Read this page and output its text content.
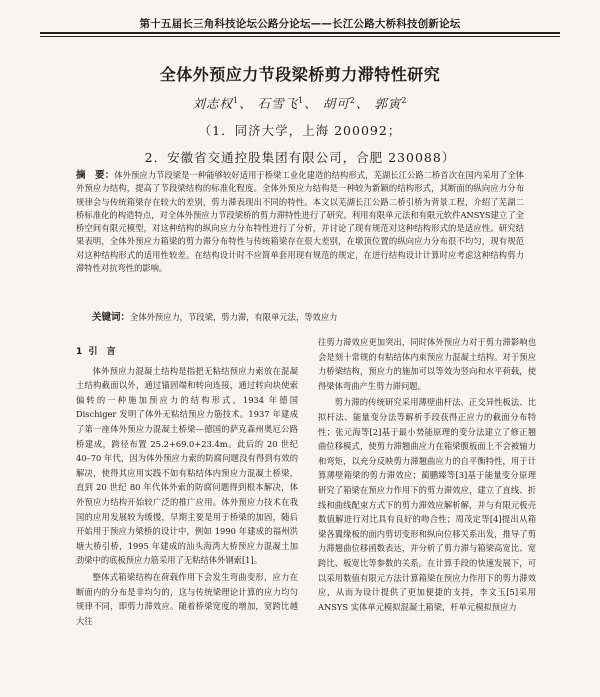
第十五届长三角科技论坛公路分论坛——长江公路大桥科技创新论坛
全体外预应力节段梁桥剪力滞特性研究
刘志权$^1$、 石雪飞$^1$、 胡可$^2$、 郭寅$^2$
（1．同济大学，上海 200092；
2．安徽省交通控股集团有限公司，合肥 230088）

摘　要：体外预应力节段梁是一种能够较好适用于桥梁工业化建造的结构形式，芜湖长江公路二桥首次在国内采用了全体外预应力结构，提高了节段梁结构的标准化程度。全体外预应力结构是一种较为新颖的结构形式，其断面的纵向应力分布规律会与传统箱梁存在较大的差别，剪力滞表现出不同的特性。本文以芜湖长江公路二桥引桥为背景工程，介绍了芜湖二桥标准化的构造特点，对全体外预应力节段梁桥的剪力滞特性进行了研究。利用有限单元法和有限元软件ANSYS建立了全桥空间有限元模型，对这种结构的纵向应力分布特性进行了分析，并讨论了现有规范对这种结构形式的是适应性。研究结果表明，全体外预应力箱梁的剪力滞分布特性与传统箱梁存在很大差别，在墩顶位置的纵向应力分布很不均匀，现有规范对这种结构形式的适用性较差。在结构设计时不应简单套用现有规范的规定，在进行结构设计计算时应考虑这种结构剪力滞特性对抗弯性的影响。

关键词：全体外预应力，节段梁，剪力滞，有限单元法，等效应力
1 引　言

体外预应力混凝土结构是指把无粘结预应力索放在混凝土结构截面以外，通过锚固端和转向连接，通过转向块使索偏转的一种施加预应力的结构形式。1934 年德国 Dischiger 发明了体外无粘结预应力筋技术。1937 年建成了第一座体外预应力混凝土桥梁—德国的萨克森州奥厄公路桥建成，跨径布置 25.2+69.0+23.4m。此后的 20 世纪 40–70 年代，因为体外预应力索的防腐问题没有得到有效的解决，使得其应用实践不如有粘结体内预应力混凝土桥梁，直到 20 世纪 80 年代体外索的防腐问题得到根本解决，体外预应力结构开始较广泛的推广应用。体外预应力技术在我国的应用发展较为缓慢，早期主要是用于桥梁的加固，随后开始用于预应力梁桥的设计中，例如 1990 年建成的福州洪塘大桥引桥，1995 年建成的汕头海湾大桥预应力混凝土加劲梁中的底板预应力筋采用了无粘结体外钢索[1]。

整体式箱梁结构在荷载作用下会发生弯曲变形，应力在断面内的分布是非均匀的，这与传统梁理论计算的应力均匀规律不同，即剪力滞效应。随着桥梁宽度的增加，宽跨比越大往

往剪力滞效应更加突出，同时体外预应力对于剪力滞影响也会是刻十常规的有粘结体内束预应力混凝土结构。对于预应力桥梁结构，预应力的施加可以等效为竖向和水平荷载，使得梁体弯曲产生剪力滞问题。

剪力滞的传统研究采用薄壁曲杆法、正交异性板法、比拟杆法、能量变分法等解析手段获得正应力的截面分布特性；张元海等[2]基于最小势能原理的变分法建立了修正翘曲位移模式，使剪力滞翘曲应力在箱梁腹板面上不会被轴力和弯矩，以充分反映剪力滞翘曲应力的自平衡特性，用于计算薄壁箱梁的剪力滞效应；蔺鹏臻等[3]基于能量变分原理研究了箱梁在预应力作用下的剪力滞效应，建立了直线、折线和曲线配束方式下的剪力滞效应解析解，并与有限元板壳数值解进行对比具有良好的吻合性；周茂定等[4]提出从箱梁各翼缘板的面内剪切变形和纵向位移关系出发，推导了剪力滞翘曲位移函数表达，并分析了剪力滞与箱梁高宽比、宽跨比、板宽比等参数的关系。在计算手段的快速发展下，可以采用数值有限元方法计算箱梁在预应力作用下的剪力滞效应，从而为设计提供了更加便捷的支持，李文玉[5]采用 ANSYS 实体单元模拟混凝土箱梁，杆单元模拟预应力
